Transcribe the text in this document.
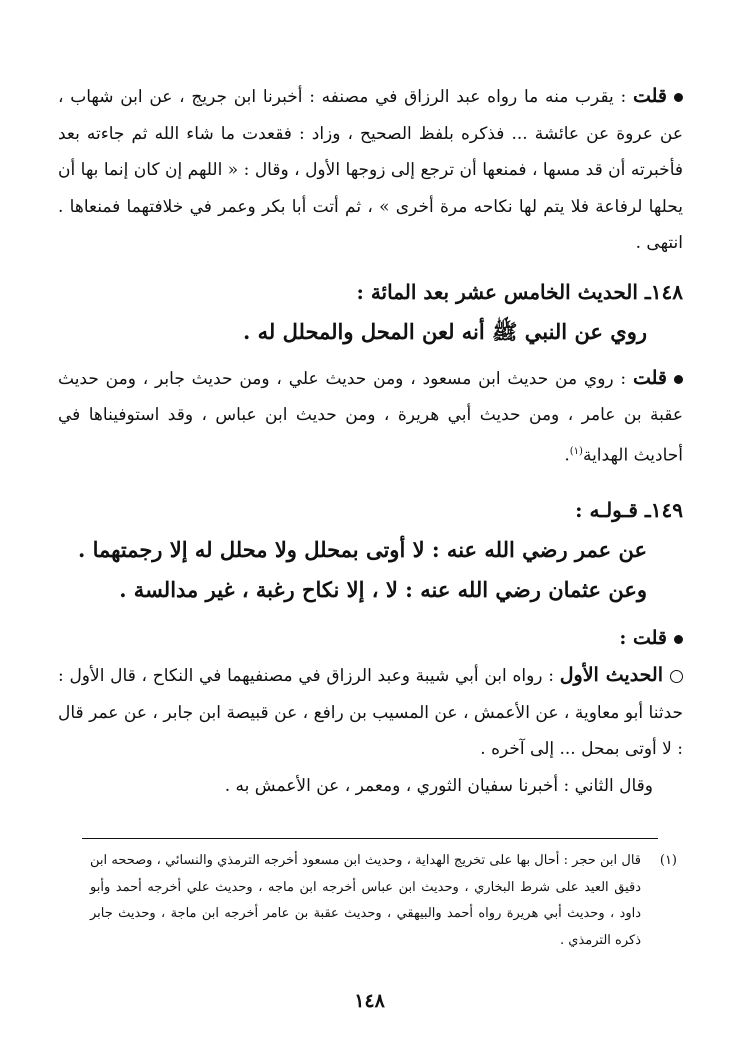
قلت : يقرب منه ما رواه عبد الرزاق في مصنفه : أخبرنا ابن جريج ، عن ابن شهاب ، عن عروة عن عائشة ... فذكره بلفظ الصحيح ، وزاد : فقعدت ما شاء الله ثم جاءته بعد فأخبرته أن قد مسها ، فمنعها أن ترجع إلى زوجها الأول ، وقال : « اللهم إن كان إنما بها أن يحلها لرفاعة فلا يتم لها نكاحه مرة أخرى » ، ثم أتت أبا بكر وعمر في خلافتهما فمنعاها . انتهى .

١٤٨ـ الحديث الخامس عشر بعد المائة :

روي عن النبي ﷺ أنه لعن المحل والمحلل له .

قلت : روي من حديث ابن مسعود ، ومن حديث علي ، ومن حديث جابر ، ومن حديث عقبة بن عامر ، ومن حديث أبي هريرة ، ومن حديث ابن عباس ، وقد استوفيناها في أحاديث الهداية$^{(١)}$.

١٤٩ـ قـولـه :

عن عمر رضي الله عنه : لا أوتى بمحلل ولا محلل له إلا رجمتهما .

وعن عثمان رضي الله عنه : لا ، إلا نكاح رغبة ، غير مدالسة .

قلت :

الحديث الأول : رواه ابن أبي شيبة وعبد الرزاق في مصنفيهما في النكاح ، قال الأول : حدثنا أبو معاوية ، عن الأعمش ، عن المسيب بن رافع ، عن قبيصة ابن جابر ، عن عمر قال : لا أوتى بمحل ... إلى آخره .

وقال الثاني : أخبرنا سفيان الثوري ، ومعمر ، عن الأعمش به .

(١)
قال ابن حجر : أحال بها على تخريج الهداية ، وحديث ابن مسعود أخرجه الترمذي والنسائي ، وصححه ابن دقيق العيد على شرط البخاري ، وحديث ابن عباس أخرجه ابن ماجه ، وحديث علي أخرجه أحمد وأبو داود ، وحديث أبي هريرة رواه أحمد والبيهقي ، وحديث عقبة بن عامر أخرجه ابن ماجة ، وحديث جابر ذكره الترمذي .
١٤٨
